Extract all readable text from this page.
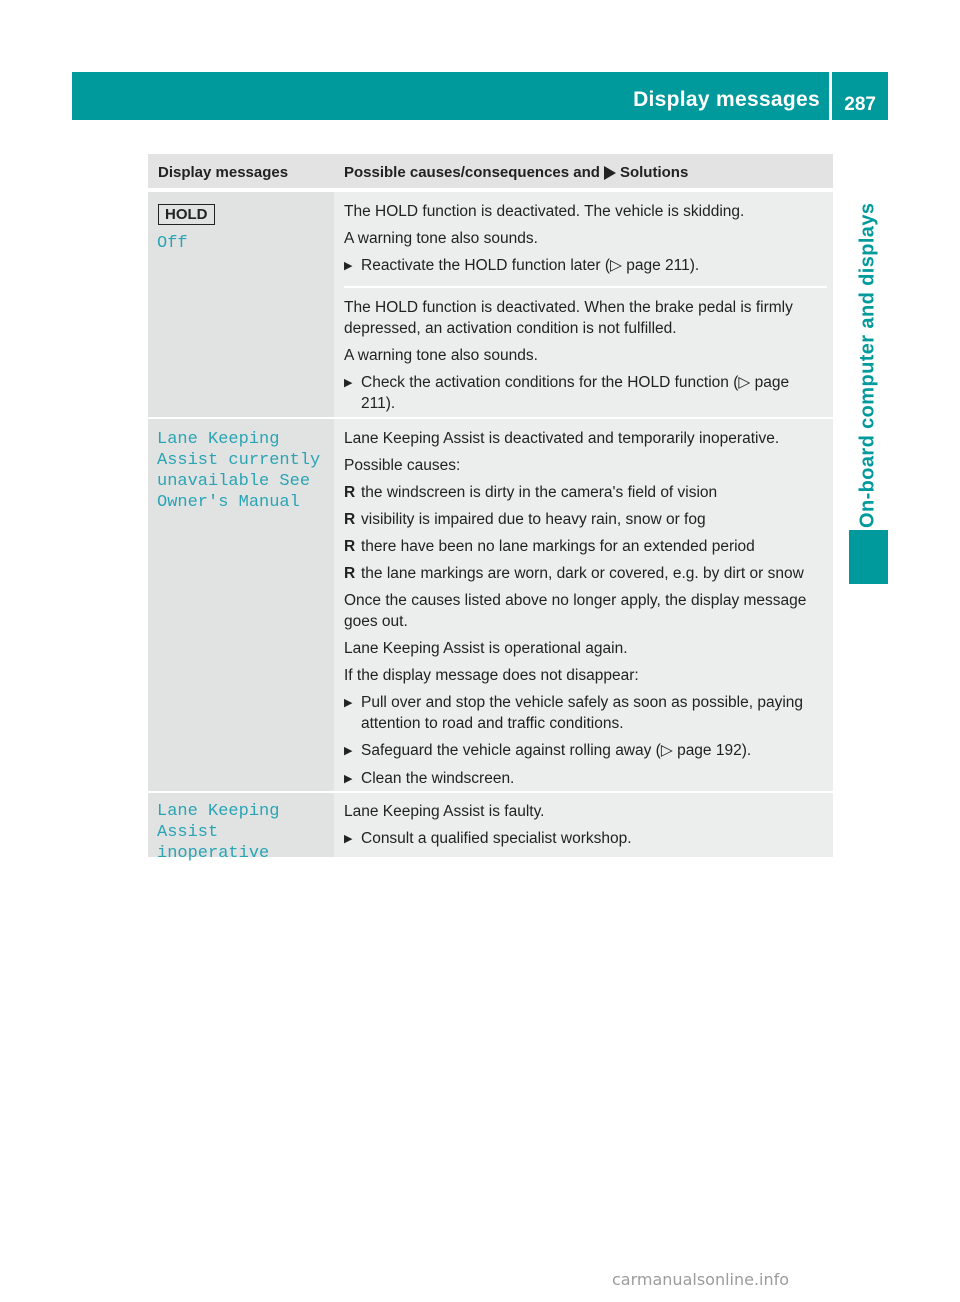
Display messages 287
On-board computer and displays
Display messages	Possible causes/consequences and Solutions
HOLD
Off

The HOLD function is deactivated. The vehicle is skidding.

A warning tone also sounds.

▶ Reactivate the HOLD function later (▷ page 211).

The HOLD function is deactivated. When the brake pedal is firmly depressed, an activation condition is not fulfilled.

A warning tone also sounds.

▶ Check the activation conditions for the HOLD function (▷ page 211).
Lane Keeping
Assist currently
unavailable See
Owner's Manual

Lane Keeping Assist is deactivated and temporarily inoperative.

Possible causes:

R the windscreen is dirty in the camera's field of vision
R visibility is impaired due to heavy rain, snow or fog
R there have been no lane markings for an extended period
R the lane markings are worn, dark or covered, e.g. by dirt or snow

Once the causes listed above no longer apply, the display message goes out.

Lane Keeping Assist is operational again.

If the display message does not disappear:

▶ Pull over and stop the vehicle safely as soon as possible, paying attention to road and traffic conditions.
▶ Safeguard the vehicle against rolling away (▷ page 192).
▶ Clean the windscreen.
Lane Keeping
Assist inoperative

Lane Keeping Assist is faulty.

▶ Consult a qualified specialist workshop.
carmanualsonline.info
